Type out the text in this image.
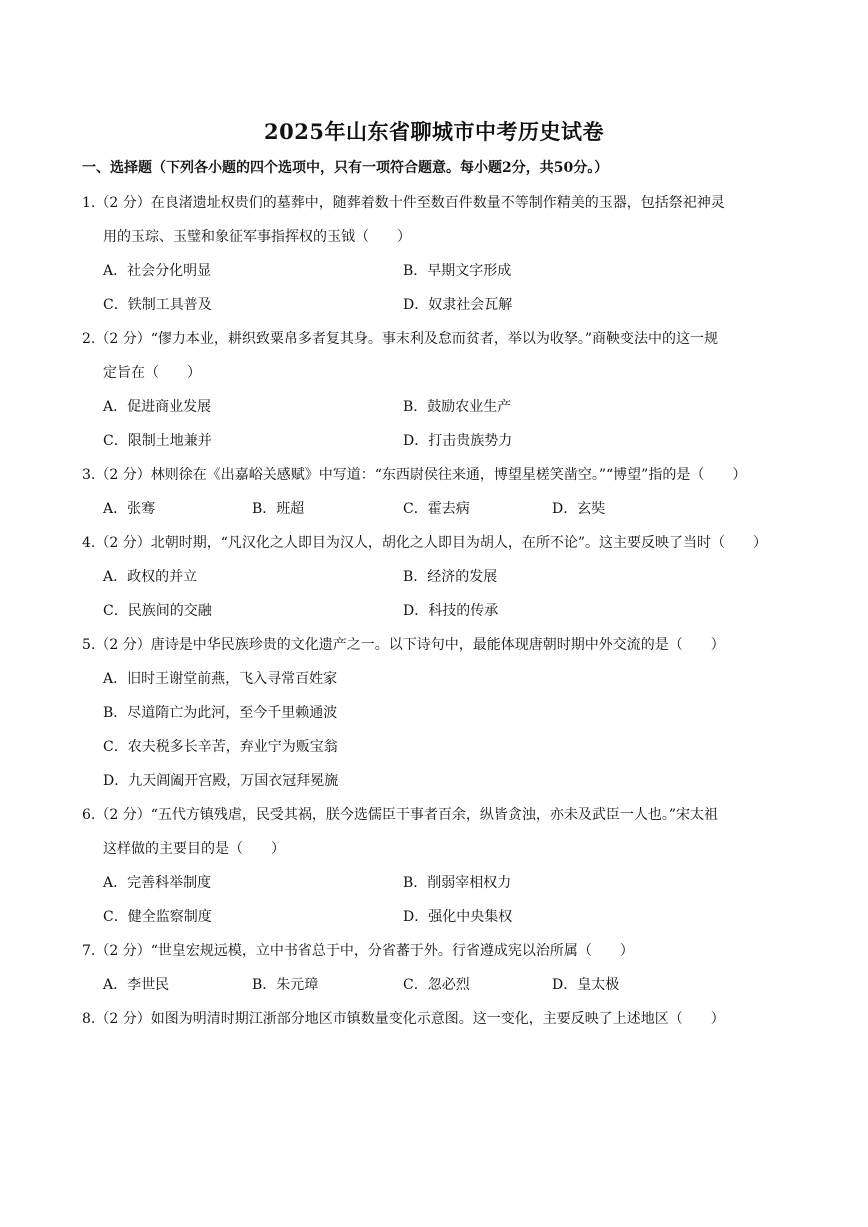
2025年山东省聊城市中考历史试卷
一、选择题（下列各小题的四个选项中，只有一项符合题意。每小题2分，共50分。）
1.（2 分）在良渚遗址权贵们的墓葬中，随葬着数十件至数百件数量不等制作精美的玉器，包括祭祀神灵
用的玉琮、玉璧和象征军事指挥权的玉钺（　　）
A．社会分化明显	B．早期文字形成
C．铁制工具普及	D．奴隶社会瓦解
2.（2 分）“僇力本业，耕织致粟帛多者复其身。事末利及怠而贫者，举以为收孥。”商鞅变法中的这一规
定旨在（　　）
A．促进商业发展	B．鼓励农业生产
C．限制土地兼并	D．打击贵族势力
3.（2 分）林则徐在《出嘉峪关感赋》中写道：“东西尉侯往来通，博望星槎笑凿空。”“博望”指的是（　　）
A．张骞	B．班超	C．霍去病	D．玄奘
4.（2 分）北朝时期，“凡汉化之人即目为汉人，胡化之人即目为胡人，在所不论”。这主要反映了当时（　　）
A．政权的并立	B．经济的发展
C．民族间的交融	D．科技的传承
5.（2 分）唐诗是中华民族珍贵的文化遗产之一。以下诗句中，最能体现唐朝时期中外交流的是（　　）
A．旧时王谢堂前燕，飞入寻常百姓家
B．尽道隋亡为此河，至今千里赖通波
C．农夫税多长辛苦，弃业宁为贩宝翁
D．九天阊阖开宫殿，万国衣冠拜冕旒
6.（2 分）“五代方镇残虐，民受其祸，朕今选儒臣干事者百余，纵皆贪浊，亦未及武臣一人也。”宋太祖
这样做的主要目的是（　　）
A．完善科举制度	B．削弱宰相权力
C．健全监察制度	D．强化中央集权
7.（2 分）“世皇宏规远模，立中书省总于中，分省蕃于外。行省遵成宪以治所属（　　）
A．李世民	B．朱元璋	C．忽必烈	D．皇太极
8.（2 分）如图为明清时期江浙部分地区市镇数量变化示意图。这一变化，主要反映了上述地区（　　）
